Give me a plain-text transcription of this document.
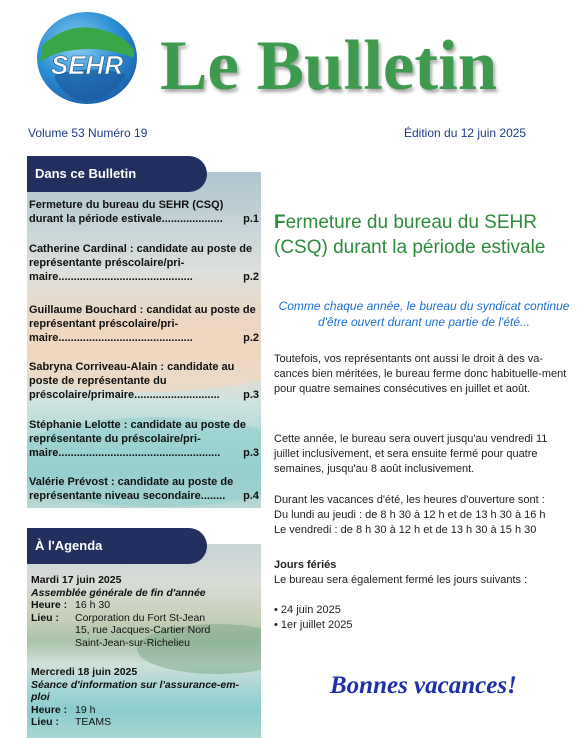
SEHR Le Bulletin
Volume 53 Numéro 19	Édition du 12 juin 2025
Fermeture du bureau du SEHR (CSQ) durant la période estivale.................... p.1
Catherine Cardinal : candidate au poste de représentante préscolaire/pri-maire............................................	p.2
Guillaume Bouchard : candidat au poste de représentant préscolaire/pri-maire............................................	p.2
Sabryna Corriveau-Alain : candidate au poste de représentante du préscolaire/primaire............................ p.3
Stéphanie Lelotte : candidate au poste de représentante du préscolaire/pri-maire..................................................... p.3
Valérie Prévost : candidate au poste de représentante niveau secondaire........ p.4
Dans ce Bulletin
Mardi 17 juin 2025
Assemblée générale de fin d'année
Heure : 16 h 30
Lieu :	Corporation du Fort St-Jean
15, rue Jacques-Cartier Nord
Saint-Jean-sur-Richelieu
Mercredi 18 juin 2025
Séance d'information sur l'assurance-em-ploi
Heure : 19 h
Lieu :	TEAMS
À l'Agenda
Fermeture du bureau du SEHR (CSQ) durant la période estivale
Comme chaque année, le bureau du syndicat continue d'être ouvert durant une partie de l'été...
Toutefois, vos représentants ont aussi le droit à des va-cances bien méritées, le bureau ferme donc habituelle-ment pour quatre semaines consécutives en juillet et août.
Cette année, le bureau sera ouvert jusqu'au vendredi 11 juillet inclusivement, et sera ensuite fermé pour quatre semaines, jusqu'au 8 août inclusivement.
Durant les vacances d'été, les heures d'ouverture sont :
Du lundi au jeudi : de 8 h 30 à 12 h et de 13 h 30 à 16 h
Le vendredi : de 8 h 30 à 12 h et de 13 h 30 à 15 h 30
Jours fériés
Le bureau sera également fermé les jours suivants :
• 24 juin 2025
• 1er juillet 2025
Bonnes vacances!
